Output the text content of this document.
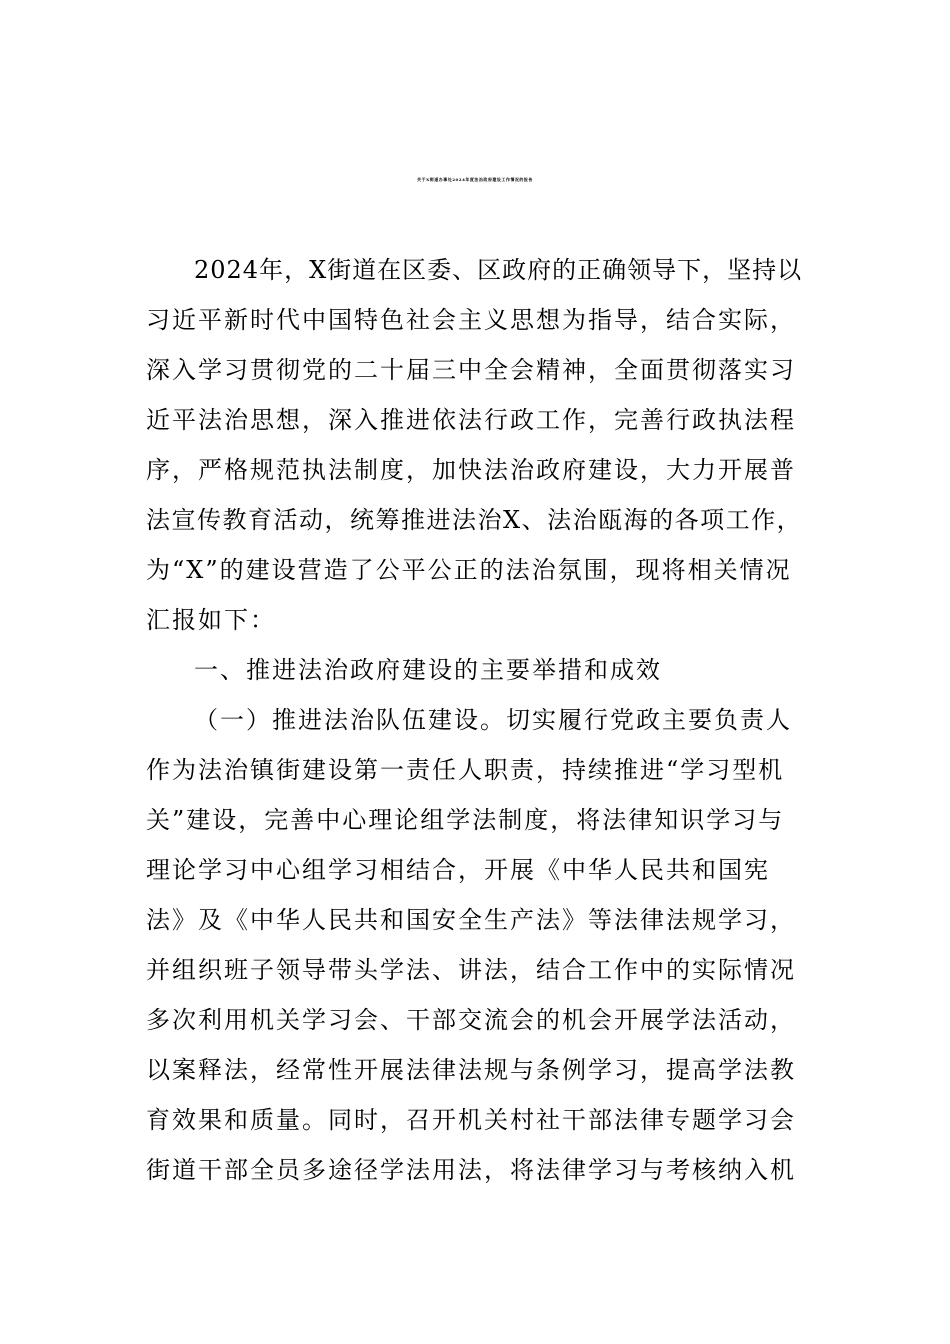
关于X街道办事处2024年度法治政府建设工作情况的报告
2024年，X街道在区委、区政府的正确领导下，坚持以
习近平新时代中国特色社会主义思想为指导，结合实际，
深入学习贯彻党的二十届三中全会精神，全面贯彻落实习
近平法治思想，深入推进依法行政工作，完善行政执法程
序，严格规范执法制度，加快法治政府建设，大力开展普
法宣传教育活动，统筹推进法治X、法治瓯海的各项工作，
为“X”的建设营造了公平公正的法治氛围，现将相关情况
汇报如下：
一、推进法治政府建设的主要举措和成效
（一）推进法治队伍建设。切实履行党政主要负责人
作为法治镇街建设第一责任人职责，持续推进“学习型机
关”建设，完善中心理论组学法制度，将法律知识学习与
理论学习中心组学习相结合，开展《中华人民共和国宪
法》及《中华人民共和国安全生产法》等法律法规学习，
并组织班子领导带头学法、讲法，结合工作中的实际情况
多次利用机关学习会、干部交流会的机会开展学法活动，
以案释法，经常性开展法律法规与条例学习，提高学法教
育效果和质量。同时，召开机关村社干部法律专题学习会
街道干部全员多途径学法用法，将法律学习与考核纳入机
